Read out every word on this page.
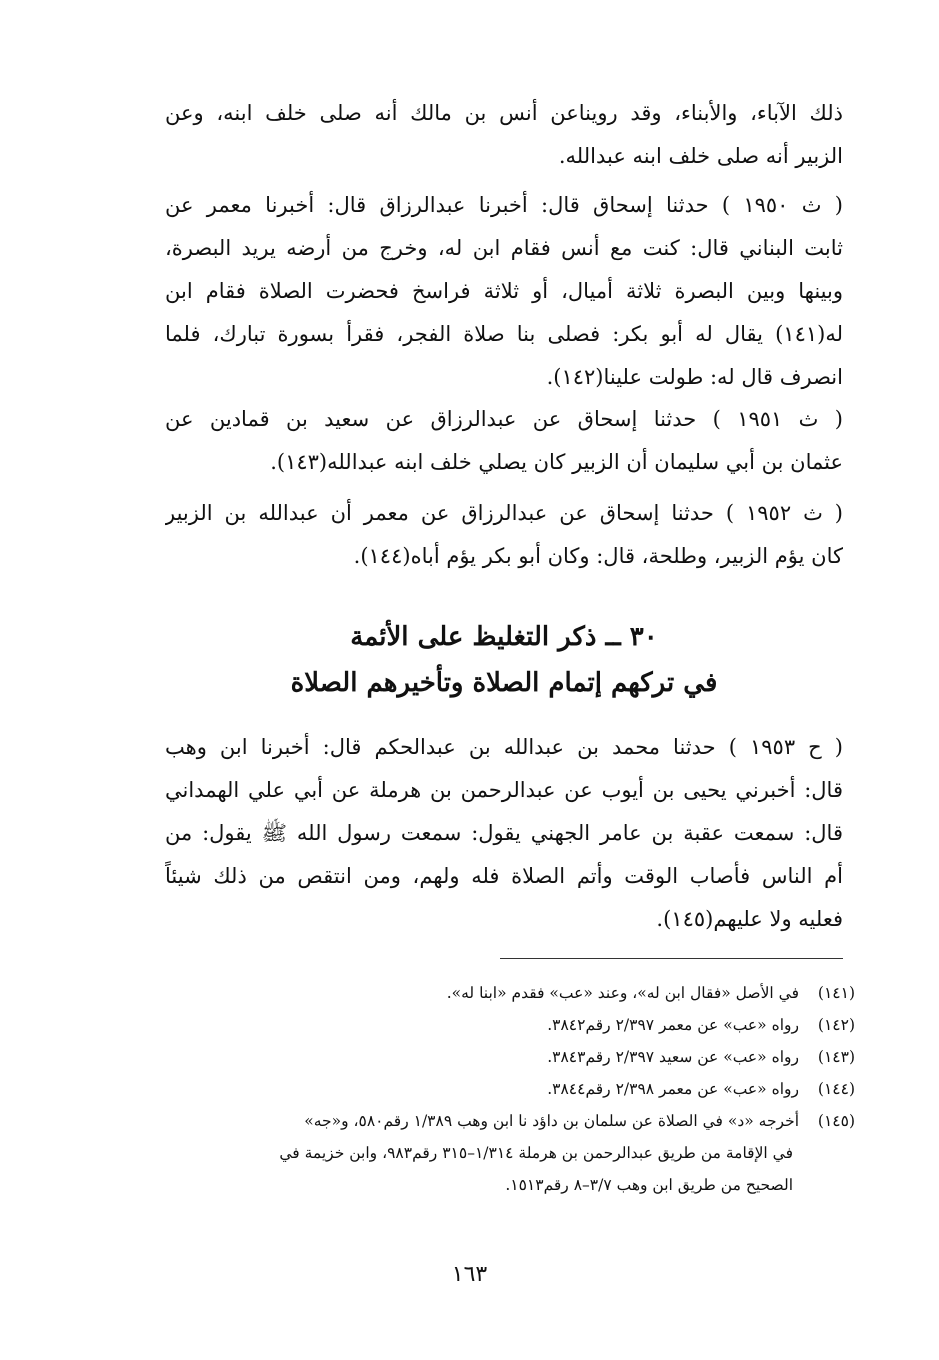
ذلك الآباء، والأبناء، وقد رويناعن أنس بن مالك أنه صلى خلف ابنه، وعن
الزبير أنه صلى خلف ابنه عبدالله.
( ث ١٩٥٠ ) حدثنا إسحاق قال: أخبرنا عبدالرزاق قال: أخبرنا معمر عن
ثابت البناني قال: كنت مع أنس فقام ابن له، وخرج من أرضه يريد البصرة،
وبينها وبين البصرة ثلاثة أميال، أو ثلاثة فراسخ فحضرت الصلاة فقام ابن
له(١٤١) يقال له أبو بكر: فصلى بنا صلاة الفجر، فقرأ بسورة تبارك، فلما
انصرف قال له: طولت علينا(١٤٢).
( ث ١٩٥١ ) حدثنا إسحاق عن عبدالرزاق عن سعيد بن قمادين عن
عثمان بن أبي سليمان أن الزبير كان يصلي خلف ابنه عبدالله(١٤٣).
( ث ١٩٥٢ ) حدثنا إسحاق عن عبدالرزاق عن معمر أن عبدالله بن الزبير
كان يؤم الزبير، وطلحة، قال: وكان أبو بكر يؤم أباه(١٤٤).
٣٠ ــ ذكر التغليظ على الأئمة
في تركهم إتمام الصلاة وتأخيرهم الصلاة
( ح ١٩٥٣ ) حدثنا محمد بن عبدالله بن عبدالحكم قال: أخبرنا ابن وهب
قال: أخبرني يحيى بن أيوب عن عبدالرحمن بن هرملة عن أبي علي الهمداني
قال: سمعت عقبة بن عامر الجهني يقول: سمعت رسول الله ﷺ يقول: من
أم الناس فأصاب الوقت وأتم الصلاة فله ولهم، ومن انتقص من ذلك شيئاً
فعليه ولا عليهم(١٤٥).
(١٤١)في الأصل «فقال ابن له»، وعند «عب» فقدم «ابنا له».
(١٤٢)رواه «عب» عن معمر ٢/٣٩٧ رقم٣٨٤٢.
(١٤٣)رواه «عب» عن سعيد ٢/٣٩٧ رقم٣٨٤٣.
(١٤٤)رواه «عب» عن معمر ٢/٣٩٨ رقم٣٨٤٤.
(١٤٥)أخرجه «د» في الصلاة عن سلمان بن داؤد نا ابن وهب ١/٣٨٩ رقم٥٨٠، و«جه»
في الإقامة من طريق عبدالرحمن بن هرملة ١/٣١٤–٣١٥ رقم٩٨٣، وابن خزيمة في
الصحيح من طريق ابن وهب ٣/٧–٨ رقم١٥١٣.
١٦٣
